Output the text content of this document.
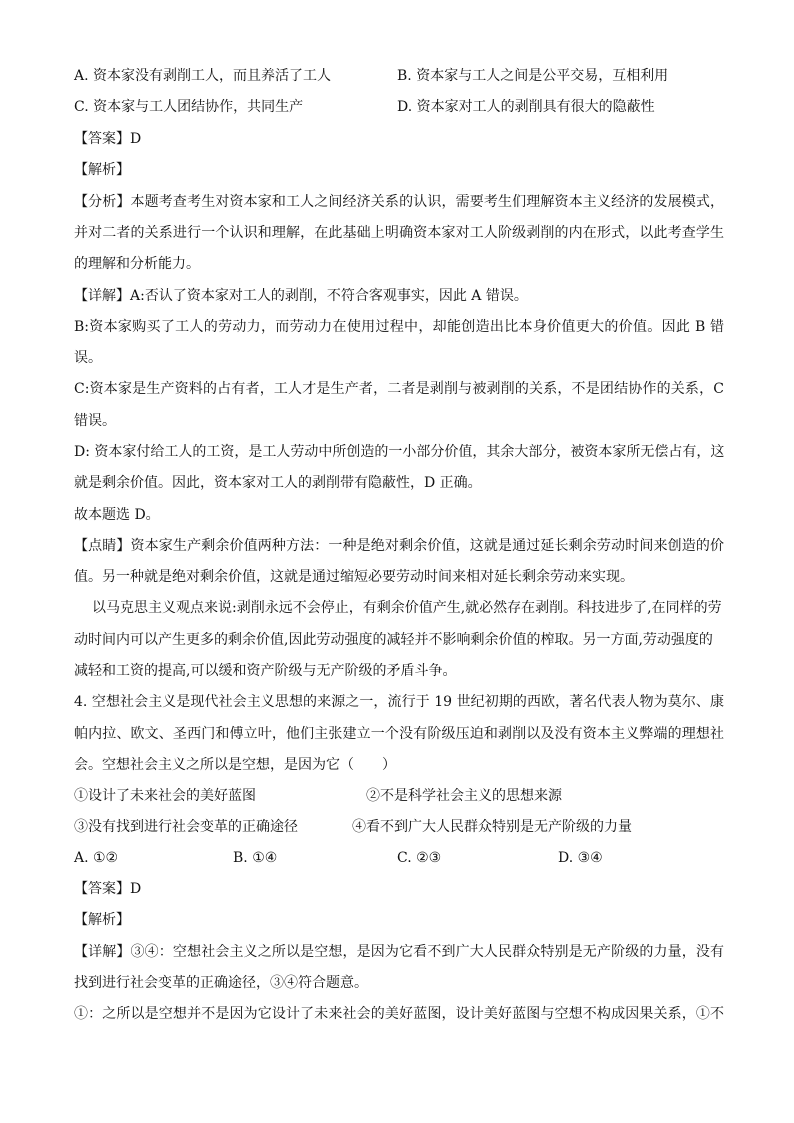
A. 资本家没有剥削工人，而且养活了工人	B. 资本家与工人之间是公平交易，互相利用
C. 资本家与工人团结协作，共同生产	D. 资本家对工人的剥削具有很大的隐蔽性
【答案】D
【解析】
【分析】本题考查考生对资本家和工人之间经济关系的认识，需要考生们理解资本主义经济的发展模式，
并对二者的关系进行一个认识和理解，在此基础上明确资本家对工人阶级剥削的内在形式，以此考查学生
的理解和分析能力。
【详解】A:否认了资本家对工人的剥削，不符合客观事实，因此 A 错误。
B:资本家购买了工人的劳动力，而劳动力在使用过程中，却能创造出比本身价值更大的价值。因此 B 错
误。
C:资本家是生产资料的占有者，工人才是生产者，二者是剥削与被剥削的关系，不是团结协作的关系，C
错误。
D: 资本家付给工人的工资，是工人劳动中所创造的一小部分价值，其余大部分，被资本家所无偿占有，这
就是剩余价值。因此，资本家对工人的剥削带有隐蔽性，D 正确。
故本题选 D。
【点睛】资本家生产剩余价值两种方法：一种是绝对剩余价值，这就是通过延长剩余劳动时间来创造的价
值。另一种就是绝对剩余价值，这就是通过缩短必要劳动时间来相对延长剩余劳动来实现。
以马克思主义观点来说:剥削永远不会停止，有剩余价值产生,就必然存在剥削。科技进步了,在同样的劳
动时间内可以产生更多的剩余价值,因此劳动强度的减轻并不影响剩余价值的榨取。另一方面,劳动强度的
减轻和工资的提高,可以缓和资产阶级与无产阶级的矛盾斗争。
4. 空想社会主义是现代社会主义思想的来源之一，流行于 19 世纪初期的西欧，著名代表人物为莫尔、康
帕内拉、欧文、圣西门和傅立叶，他们主张建立一个没有阶级压迫和剥削以及没有资本主义弊端的理想社
会。空想社会主义之所以是空想，是因为它（　　）
①设计了未来社会的美好蓝图	②不是科学社会主义的思想来源
③没有找到进行社会变革的正确途径	④看不到广大人民群众特别是无产阶级的力量
A. ①②	B. ①④	C. ②③	D. ③④
【答案】D
【解析】
【详解】③④：空想社会主义之所以是空想，是因为它看不到广大人民群众特别是无产阶级的力量，没有
找到进行社会变革的正确途径，③④符合题意。
①：之所以是空想并不是因为它设计了未来社会的美好蓝图，设计美好蓝图与空想不构成因果关系，①不
